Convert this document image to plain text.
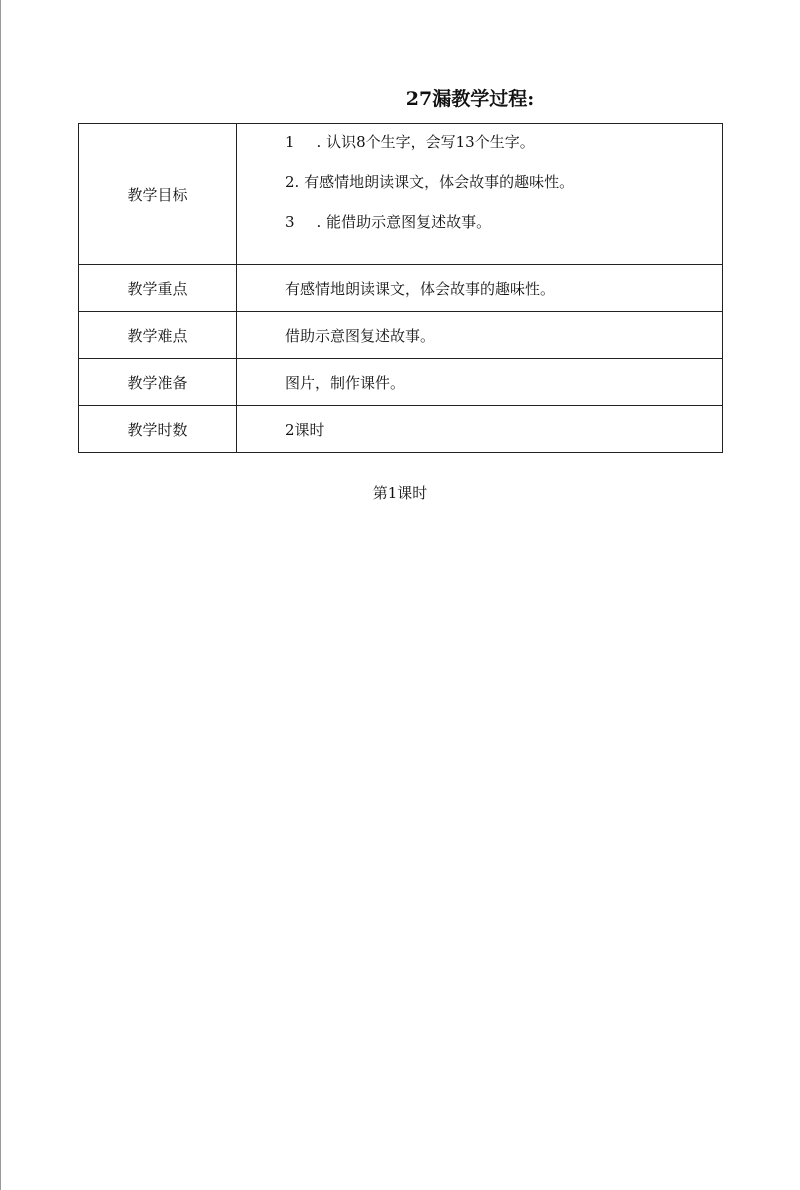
27漏教学过程:
教学目标	1 . 认识8个生字，会写13个生字。
2. 有感情地朗读课文，体会故事的趣味性。
3 . 能借助示意图复述故事。

教学重点	有感情地朗读课文，体会故事的趣味性。
教学难点	借助示意图复述故事。
教学准备	图片，制作课件。
教学时数	2课时
第1课时
